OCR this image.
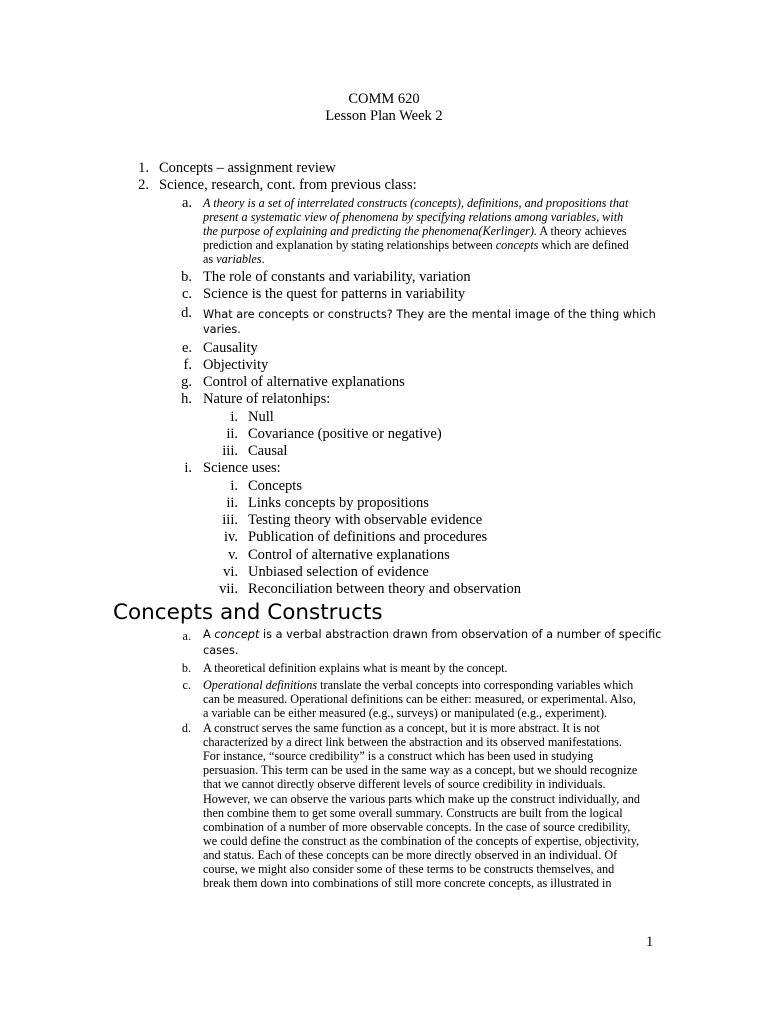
COMM 620
Lesson Plan Week 2
1. Concepts – assignment review
2. Science, research, cont. from previous class:
a. A theory is a set of interrelated constructs (concepts), definitions, and propositions that
present a systematic view of phenomena by specifying relations among variables, with
the purpose of explaining and predicting the phenomena(Kerlinger). A theory achieves
prediction and explanation by stating relationships between concepts which are defined
as variables.
b. The role of constants and variability, variation
c. Science is the quest for patterns in variability
d. What are concepts or constructs? They are the mental image of the thing which
varies.
e. Causality
f. Objectivity
g. Control of alternative explanations
h. Nature of relatonhips:
i. Null
ii. Covariance (positive or negative)
iii. Causal
i. Science uses:
i. Concepts
ii. Links concepts by propositions
iii. Testing theory with observable evidence
iv. Publication of definitions and procedures
v. Control of alternative explanations
vi. Unbiased selection of evidence
vii. Reconciliation between theory and observation
Concepts and Constructs
a. A concept is a verbal abstraction drawn from observation of a number of specific
cases.
b. A theoretical definition explains what is meant by the concept.
c. Operational definitions translate the verbal concepts into corresponding variables which
can be measured. Operational definitions can be either: measured, or experimental. Also,
a variable can be either measured (e.g., surveys) or manipulated (e.g., experiment).
d. A construct serves the same function as a concept, but it is more abstract. It is not
characterized by a direct link between the abstraction and its observed manifestations.
For instance, “source credibility” is a construct which has been used in studying
persuasion. This term can be used in the same way as a concept, but we should recognize
that we cannot directly observe different levels of source credibility in individuals.
However, we can observe the various parts which make up the construct individually, and
then combine them to get some overall summary. Constructs are built from the logical
combination of a number of more observable concepts. In the case of source credibility,
we could define the construct as the combination of the concepts of expertise, objectivity,
and status. Each of these concepts can be more directly observed in an individual. Of
course, we might also consider some of these terms to be constructs themselves, and
break them down into combinations of still more concrete concepts, as illustrated in
1
